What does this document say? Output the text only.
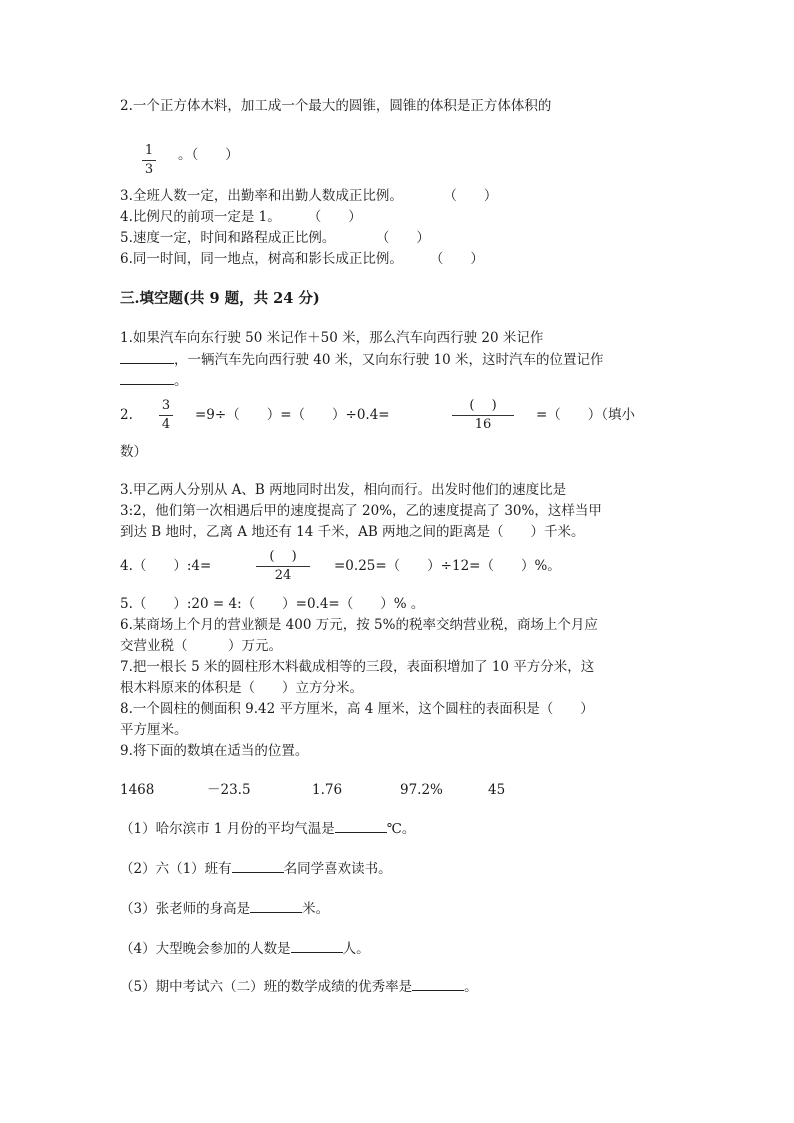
2.一个正方体木料，加工成一个最大的圆锥，圆锥的体积是正方体体积的
1
3
。（　　）
3.全班人数一定，出勤率和出勤人数成正比例。　　　　（　　）
4.比例尺的前项一定是 1。　　　（　　）
5.速度一定，时间和路程成正比例。　　　　（　　）
6.同一时间，同一地点，树高和影长成正比例。　　　（　　）
三.填空题(共 9 题，共 24 分)
1.如果汽车向东行驶 50 米记作＋50 米，那么汽车向西行驶 20 米记作
，一辆汽车先向西行驶 40 米，又向东行驶 10 米，这时汽车的位置记作
。
2.
3
4
=9÷（　　）=（　　）÷0.4=
(　 )
16
=（　　）（填小
数）
3.甲乙两人分别从 A、B 两地同时出发，相向而行。出发时他们的速度比是
3:2，他们第一次相遇后甲的速度提高了 20%，乙的速度提高了 30%，这样当甲
到达 B 地时，乙离 A 地还有 14 千米，AB 两地之间的距离是（　　）千米。
4.（　　）:4=
(　 )
24
=0.25=（　　）÷12=（　　）%。
5.（　　）:20 = 4:（　　）=0.4=（　　）% 。
6.某商场上个月的营业额是 400 万元，按 5%的税率交纳营业税，商场上个月应
交营业税（　　　）万元。
7.把一根长 5 米的圆柱形木料截成相等的三段，表面积增加了 10 平方分米，这
根木料原来的体积是（　　）立方分米。
8.一个圆柱的侧面积 9.42 平方厘米，高 4 厘米，这个圆柱的表面积是（　　）
平方厘米。
9.将下面的数填在适当的位置。
1468	－23.5	1.76	97.2%	45
（1）哈尔滨市 1 月份的平均气温是	℃。
（2）六（1）班有	名同学喜欢读书。
（3）张老师的身高是	米。
（4）大型晚会参加的人数是	人。
（5）期中考试六（二）班的数学成绩的优秀率是	。
